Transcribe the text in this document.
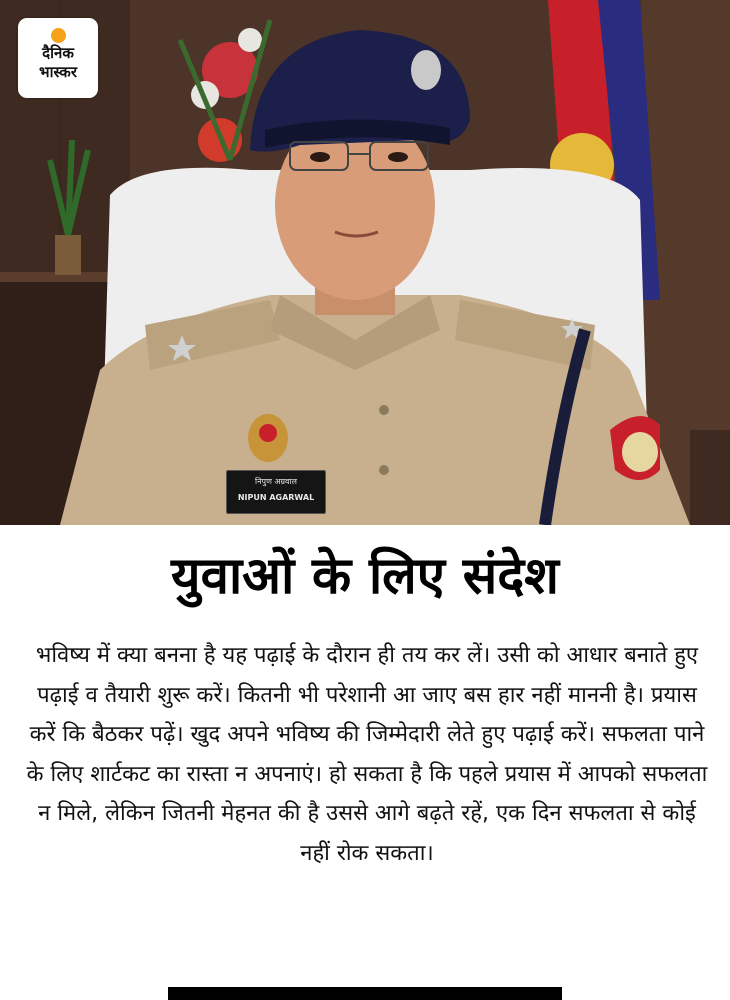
दैनिक
भास्कर
निपुण अग्रवाल
NIPUN AGARWAL
युवाओं के लिए संदेश
भविष्य में क्या बनना है यह पढ़ाई के दौरान ही तय कर लें। उसी को आधार बनाते हुए पढ़ाई व तैयारी शुरू करें। कितनी भी परेशानी आ जाए बस हार नहीं माननी है। प्रयास करें कि बैठकर पढ़ें। खुद अपने भविष्य की जिम्मेदारी लेते हुए पढ़ाई करें। सफलता पाने के लिए शार्टकट का रास्ता न अपनाएं। हो सकता है कि पहले प्रयास में आपको सफलता न मिले, लेकिन जितनी मेहनत की है उससे आगे बढ़ते रहें, एक दिन सफलता से कोई नहीं रोक सकता।
